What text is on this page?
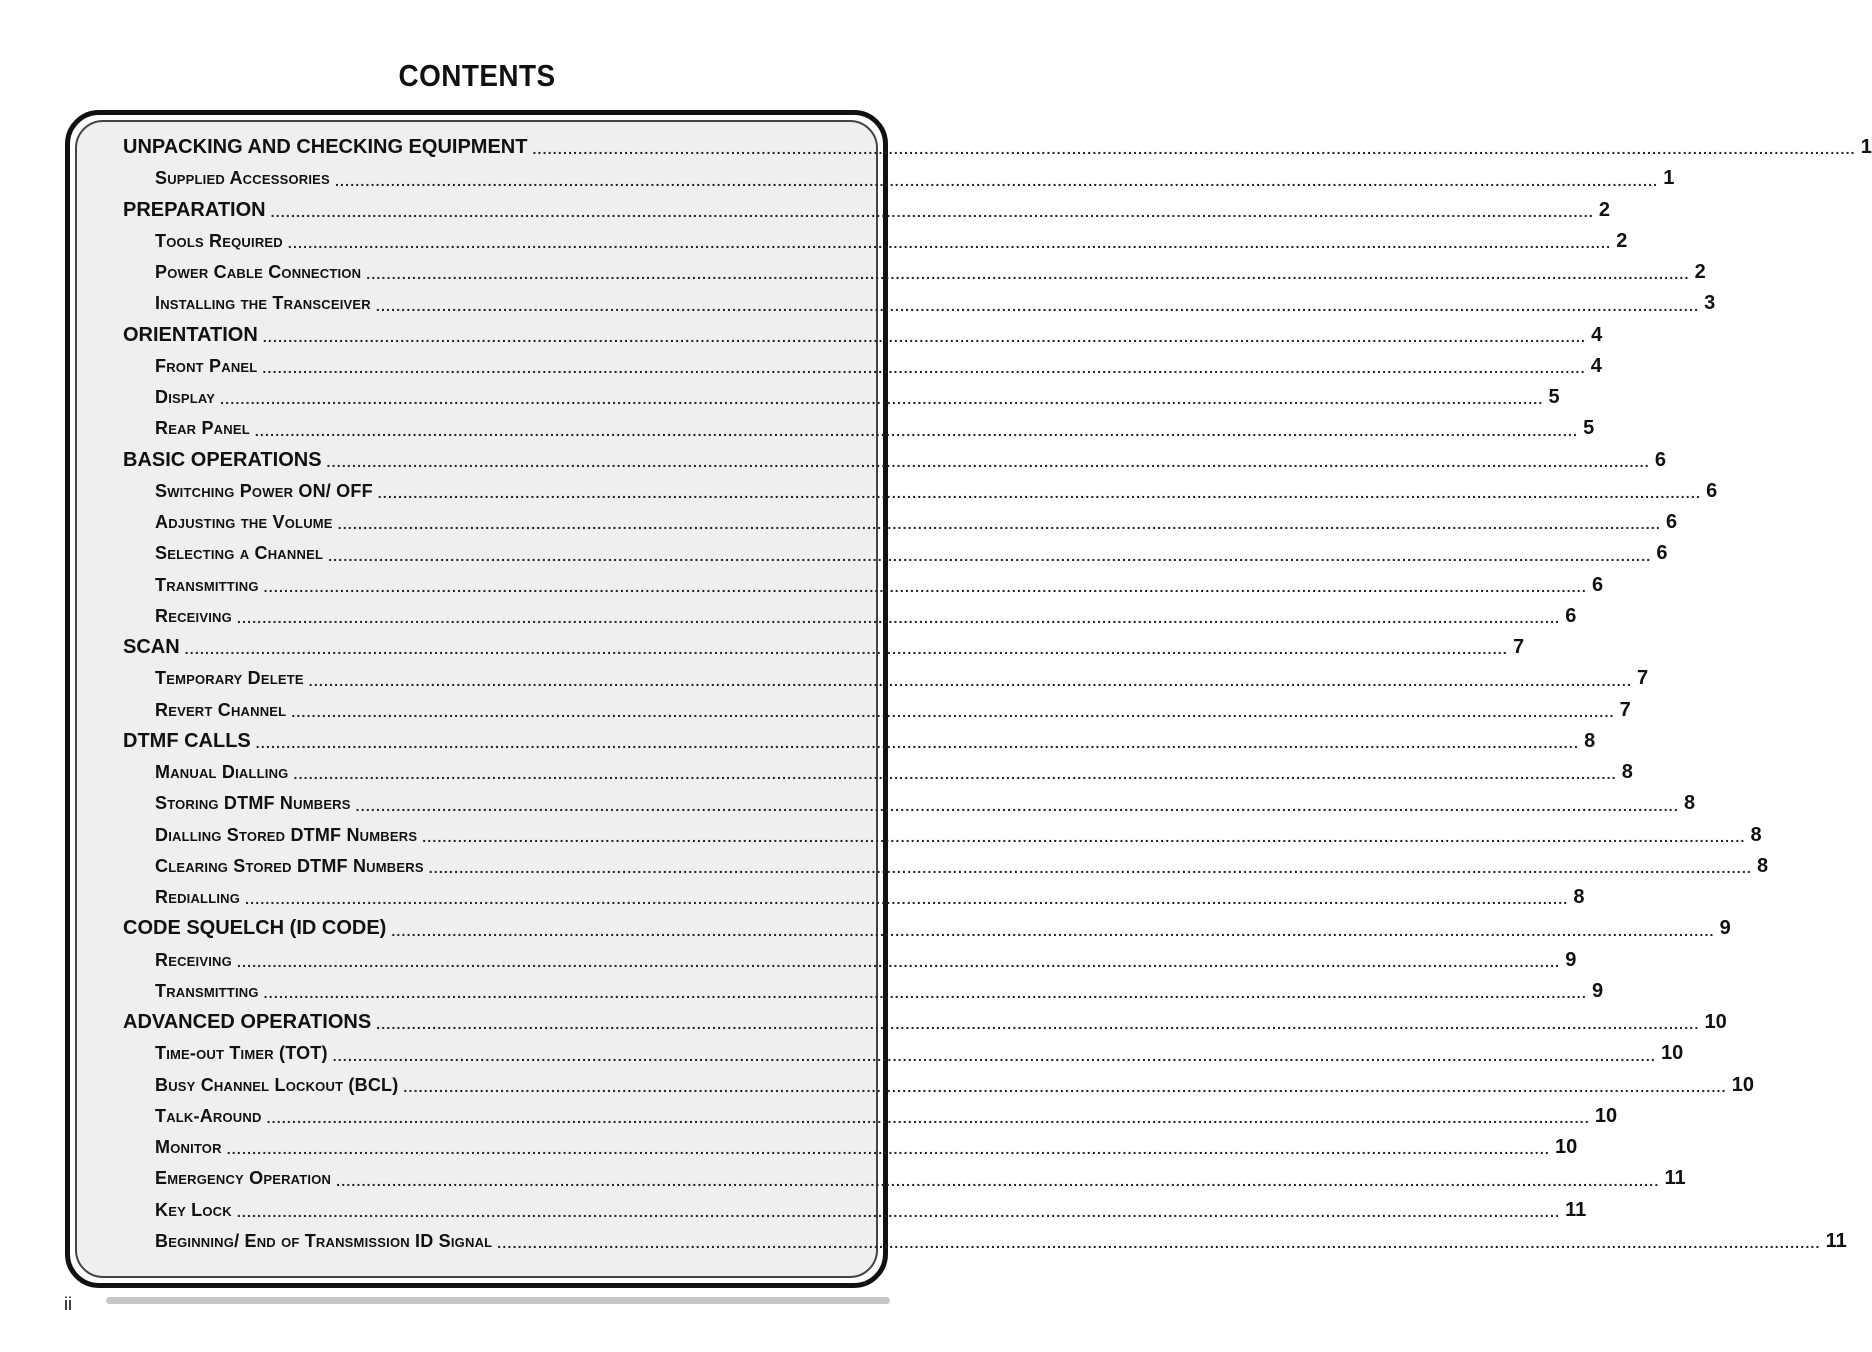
CONTENTS
UNPACKING AND CHECKING EQUIPMENT .................................................................................................................................................................................................................................................................... 1
Supplied Accessories .................................................................................................................................................................................................................................................................... 1
PREPARATION .................................................................................................................................................................................................................................................................... 2
Tools Required .................................................................................................................................................................................................................................................................... 2
Power Cable Connection .................................................................................................................................................................................................................................................................... 2
Installing the Transceiver .................................................................................................................................................................................................................................................................... 3
ORIENTATION .................................................................................................................................................................................................................................................................... 4
Front Panel .................................................................................................................................................................................................................................................................... 4
Display .................................................................................................................................................................................................................................................................... 5
Rear Panel .................................................................................................................................................................................................................................................................... 5
BASIC OPERATIONS .................................................................................................................................................................................................................................................................... 6
Switching Power ON/ OFF .................................................................................................................................................................................................................................................................... 6
Adjusting the Volume .................................................................................................................................................................................................................................................................... 6
Selecting a Channel .................................................................................................................................................................................................................................................................... 6
Transmitting .................................................................................................................................................................................................................................................................... 6
Receiving .................................................................................................................................................................................................................................................................... 6
SCAN .................................................................................................................................................................................................................................................................... 7
Temporary Delete .................................................................................................................................................................................................................................................................... 7
Revert Channel .................................................................................................................................................................................................................................................................... 7
DTMF CALLS .................................................................................................................................................................................................................................................................... 8
Manual Dialling .................................................................................................................................................................................................................................................................... 8
Storing DTMF Numbers .................................................................................................................................................................................................................................................................... 8
Dialling Stored DTMF Numbers .................................................................................................................................................................................................................................................................... 8
Clearing Stored DTMF Numbers .................................................................................................................................................................................................................................................................... 8
Redialling .................................................................................................................................................................................................................................................................... 8
CODE SQUELCH (ID CODE) .................................................................................................................................................................................................................................................................... 9
Receiving .................................................................................................................................................................................................................................................................... 9
Transmitting .................................................................................................................................................................................................................................................................... 9
ADVANCED OPERATIONS .................................................................................................................................................................................................................................................................... 10
Time-out Timer (TOT) .................................................................................................................................................................................................................................................................... 10
Busy Channel Lockout (BCL) .................................................................................................................................................................................................................................................................... 10
Talk-Around .................................................................................................................................................................................................................................................................... 10
Monitor .................................................................................................................................................................................................................................................................... 10
Emergency Operation .................................................................................................................................................................................................................................................................... 11
Key Lock .................................................................................................................................................................................................................................................................... 11
Beginning/ End of Transmission ID Signal .................................................................................................................................................................................................................................................................... 11
ii
